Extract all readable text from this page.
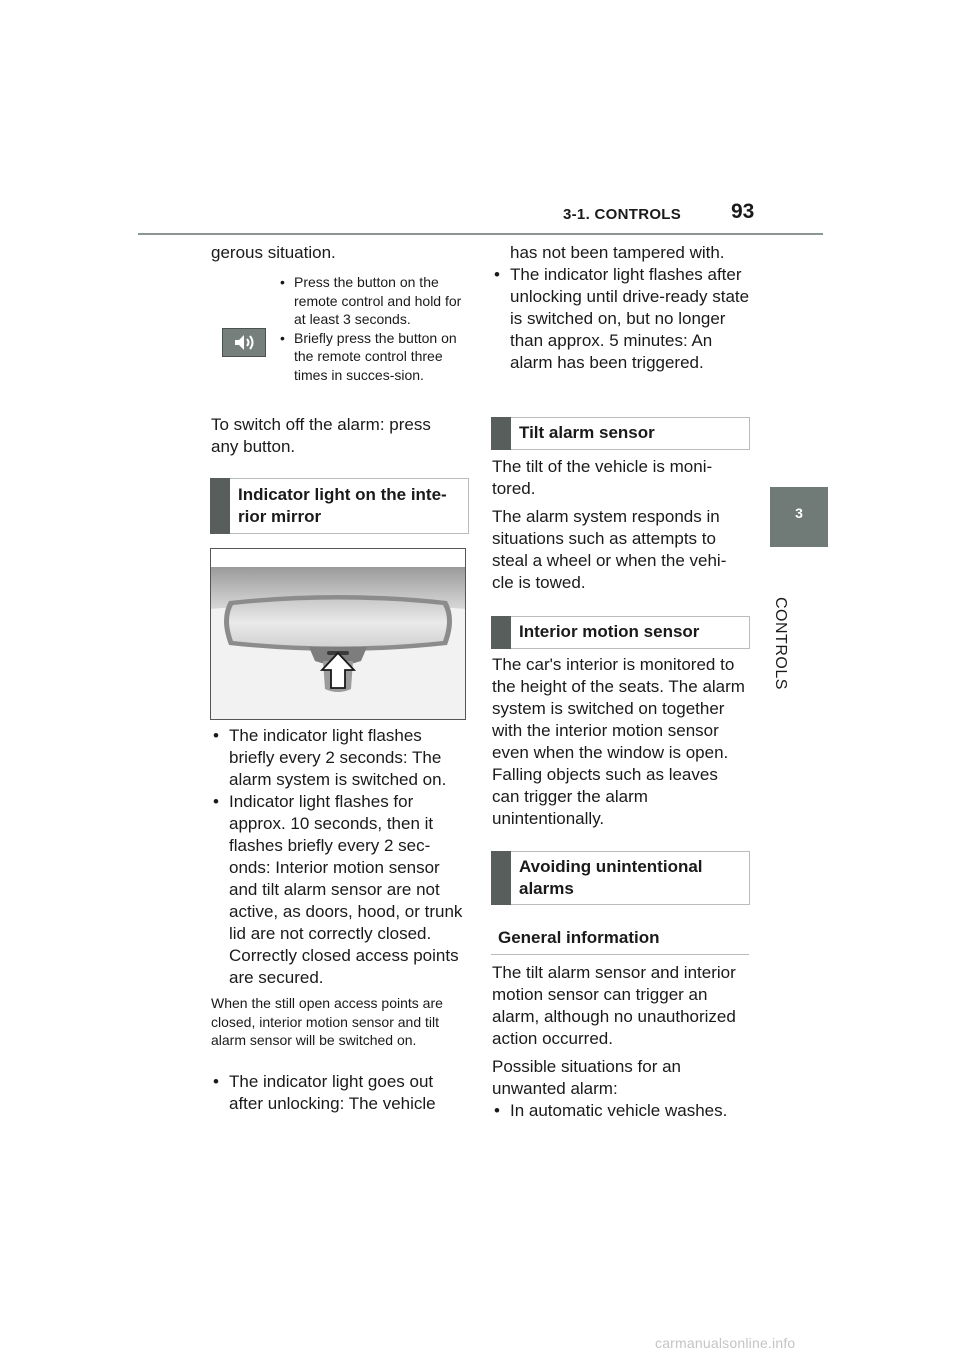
3-1. CONTROLS 93
3
CONTROLS
gerous situation.
• Press the button on the remote control and hold for at least 3 seconds.
• Briefly press the button on the remote control three times in succes-sion.
To switch off the alarm: press any button.
Indicator light on the inte-rior mirror
• The indicator light flashes briefly every 2 seconds: The alarm system is switched on.
• Indicator light flashes for approx. 10 seconds, then it flashes briefly every 2 sec-onds: Interior motion sensor and tilt alarm sensor are not active, as doors, hood, or trunk lid are not correctly closed. Correctly closed access points are secured.
When the still open access points are closed, interior motion sensor and tilt alarm sensor will be switched on.
• The indicator light goes out after unlocking: The vehicle
has not been tampered with.
• The indicator light flashes after unlocking until drive-ready state is switched on, but no longer than approx. 5 minutes: An alarm has been triggered.
Tilt alarm sensor
The tilt of the vehicle is moni-tored.
The alarm system responds in situations such as attempts to steal a wheel or when the vehi-cle is towed.
Interior motion sensor
The car's interior is monitored to the height of the seats. The alarm system is switched on together with the interior motion sensor even when the window is open. Falling objects such as leaves can trigger the alarm unintentionally.
Avoiding unintentional alarms
General information
The tilt alarm sensor and interior motion sensor can trigger an alarm, although no unauthorized action occurred.
Possible situations for an unwanted alarm:
• In automatic vehicle washes.
carmanualsonline.info
